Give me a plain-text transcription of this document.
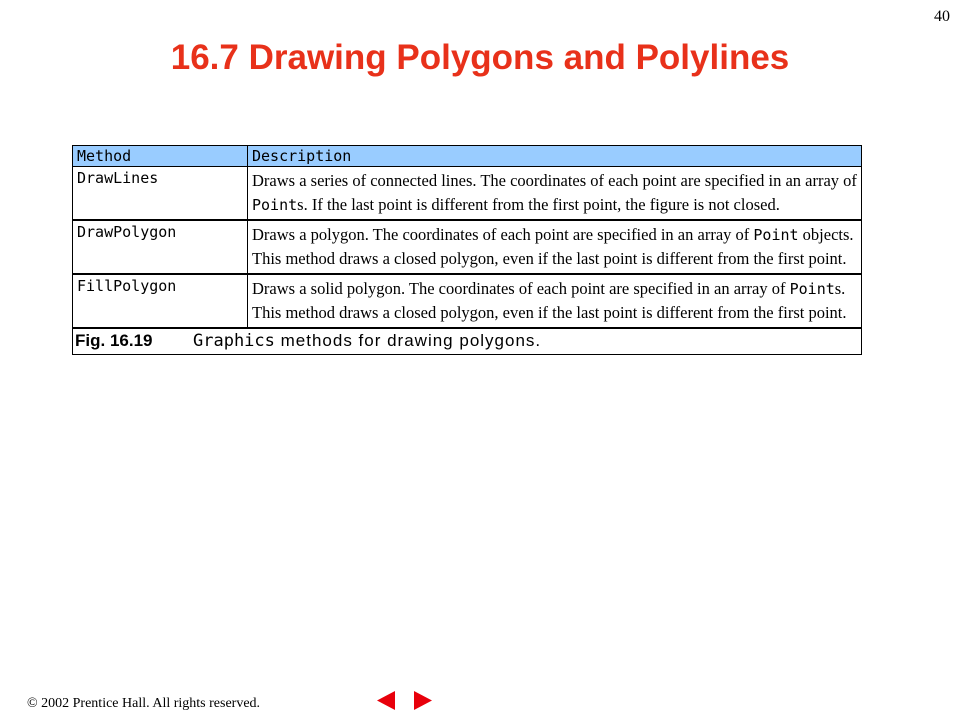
40
16.7 Drawing Polygons and Polylines
Method	Description
DrawLines	Draws a series of connected lines. The coordinates of each point are specified in an array of Points. If the last point is different from the first point, the figure is not closed.
DrawPolygon	Draws a polygon. The coordinates of each point are specified in an array of Point objects. This method draws a closed polygon, even if the last point is different from the first point.
FillPolygon	Draws a solid polygon. The coordinates of each point are specified in an array of Points. This method draws a closed polygon, even if the last point is different from the first point.
Fig. 16.19 Graphics methods for drawing polygons.	
© 2002 Prentice Hall. All rights reserved.
